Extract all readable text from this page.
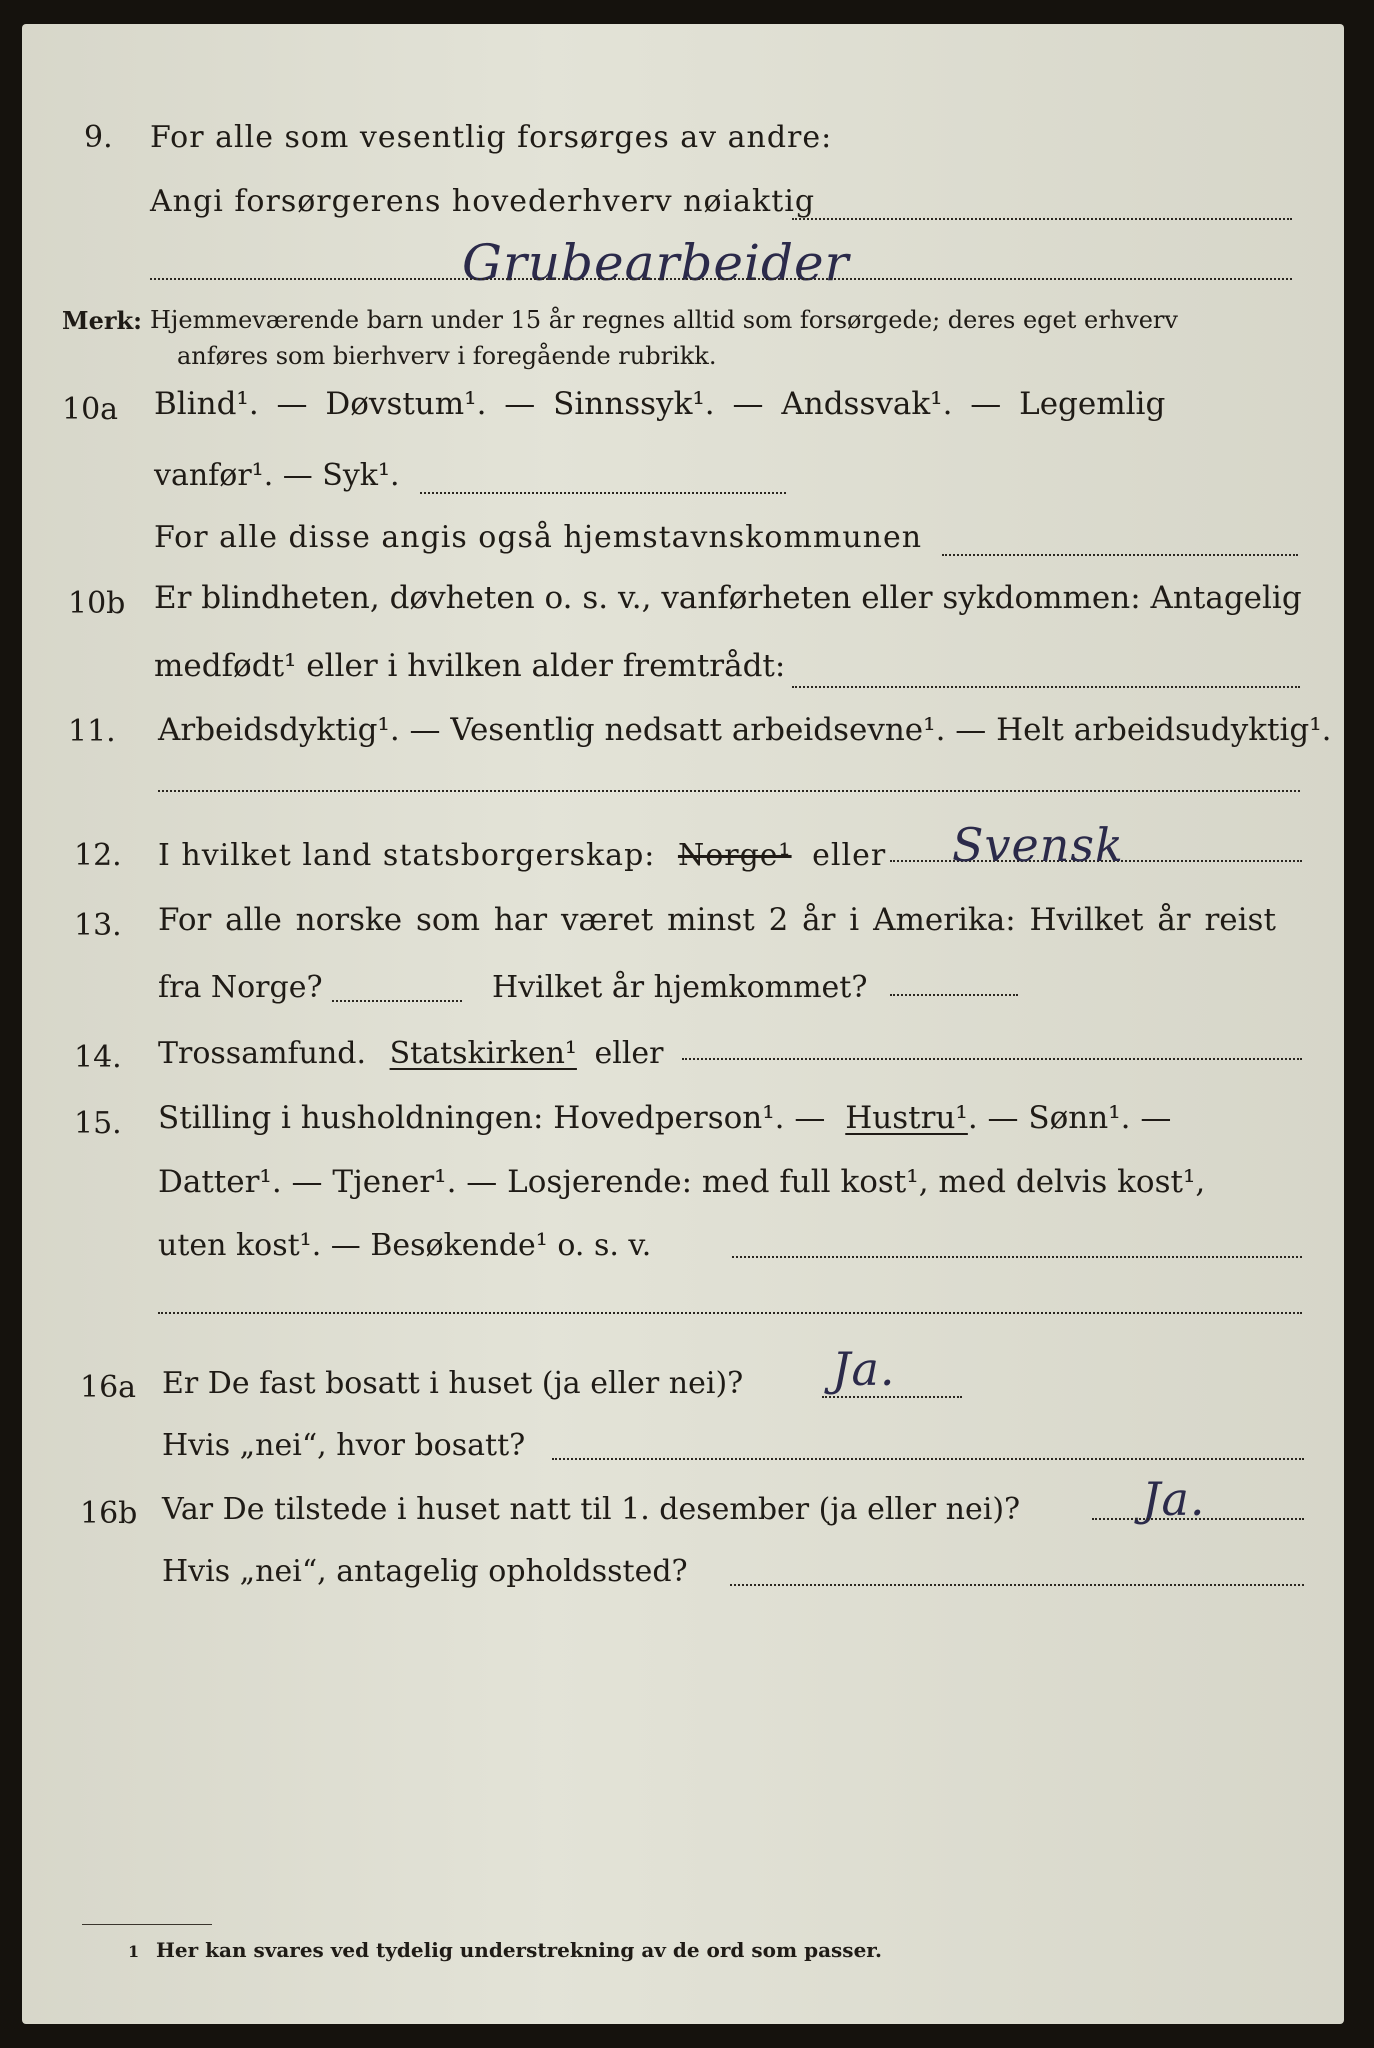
9. For alle som vesentlig forsørges av andre:
Angi forsørgerens hovederhverv nøiaktig
Grubearbeider
Merk: Hjemmeværende barn under 15 år regnes alltid som forsørgede; deres eget erhverv
anføres som bierhverv i foregående rubrikk.
10a Blind¹. — Døvstum¹. — Sinnssyk¹. — Andssvak¹. — Legemlig
vanfør¹. — Syk¹.
For alle disse angis også hjemstavnskommunen
10b Er blindheten, døvheten o. s. v., vanførheten eller sykdommen: Antagelig
medfødt¹ eller i hvilken alder fremtrådt:
11. Arbeidsdyktig¹. — Vesentlig nedsatt arbeidsevne¹. — Helt arbeidsudyktig¹.
12. I hvilket land statsborgerskap: Norge¹ eller Svensk
13. For alle norske som har været minst 2 år i Amerika: Hvilket år reist
fra Norge?	Hvilket år hjemkommet?
14. Trossamfund. Statskirken¹ eller
15. Stilling i husholdningen: Hovedperson¹. — Hustru¹. — Sønn¹. —
Datter¹. — Tjener¹. — Losjerende: med full kost¹, med delvis kost¹,
uten kost¹. — Besøkende¹ o. s. v.
16a Er De fast bosatt i huset (ja eller nei)? Ja.
Hvis „nei“, hvor bosatt?
16b Var De tilstede i huset natt til 1. desember (ja eller nei)?	Ja.
Hvis „nei“, antagelig opholdssted?
1 Her kan svares ved tydelig understrekning av de ord som passer.
